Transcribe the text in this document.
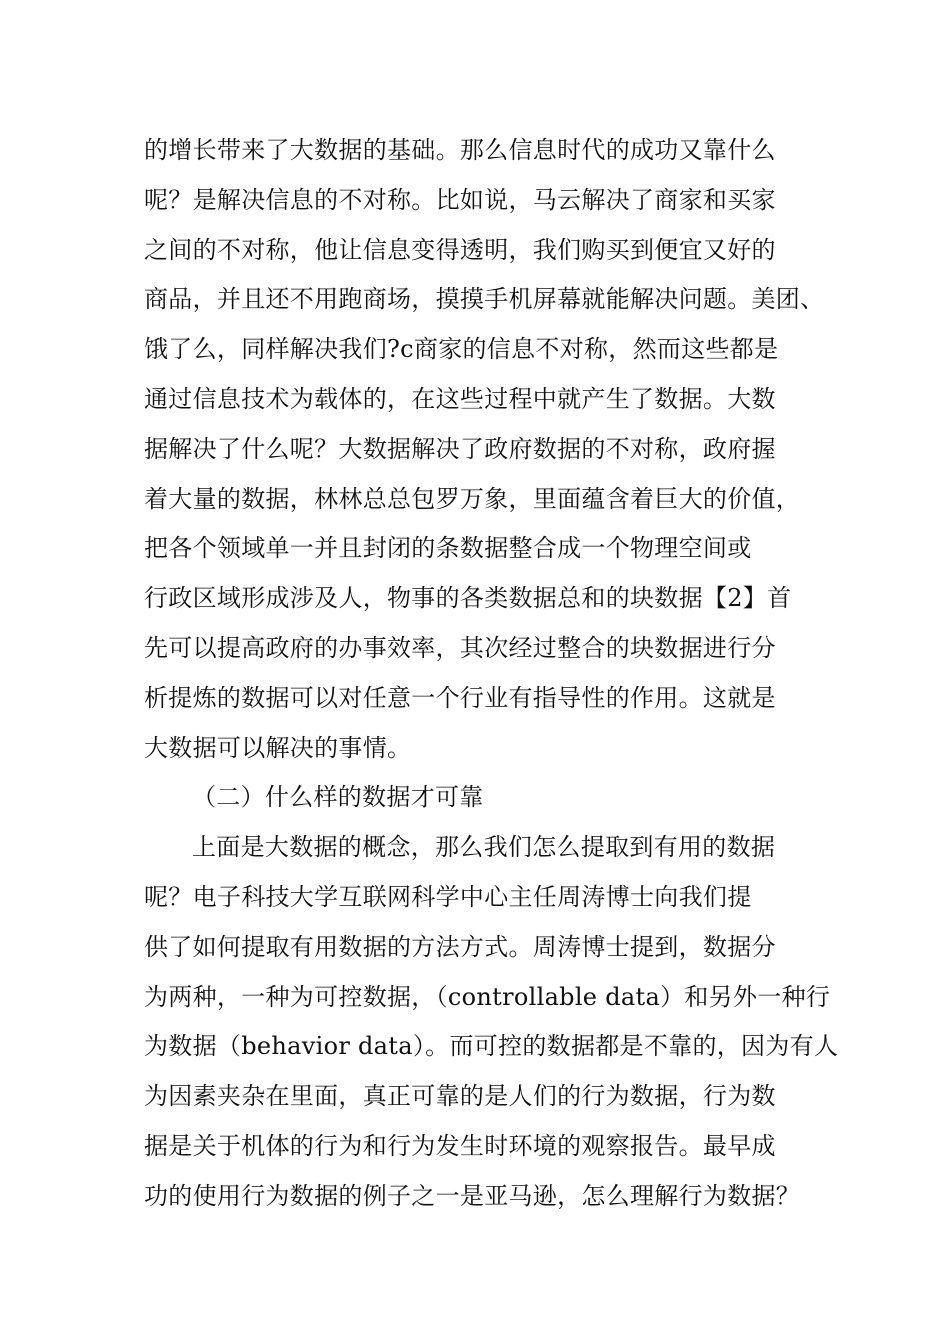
的增长带来了大数据的基础。那么信息时代的成功又靠什么
呢？是解决信息的不对称。比如说，马云解决了商家和买家
之间的不对称，他让信息变得透明，我们购买到便宜又好的
商品，并且还不用跑商场，摸摸手机屏幕就能解决问题。美团、
饿了么，同样解决我们?c商家的信息不对称，然而这些都是
通过信息技术为载体的，在这些过程中就产生了数据。大数
据解决了什么呢？大数据解决了政府数据的不对称，政府握
着大量的数据，林林总总包罗万象，里面蕴含着巨大的价值，
把各个领域单一并且封闭的条数据整合成一个物理空间或
行政区域形成涉及人，物事的各类数据总和的块数据【2】首
先可以提高政府的办事效率，其次经过整合的块数据进行分
析提炼的数据可以对任意一个行业有指导性的作用。这就是
大数据可以解决的事情。
（二）什么样的数据才可靠
上面是大数据的概念，那么我们怎么提取到有用的数据
呢？电子科技大学互联网科学中心主任周涛博士向我们提
供了如何提取有用数据的方法方式。周涛博士提到，数据分
为两种，一种为可控数据，（controllable data）和另外一种行
为数据（behavior data）。而可控的数据都是不靠的，因为有人
为因素夹杂在里面，真正可靠的是人们的行为数据，行为数
据是关于机体的行为和行为发生时环境的观察报告。最早成
功的使用行为数据的例子之一是亚马逊，怎么理解行为数据？
